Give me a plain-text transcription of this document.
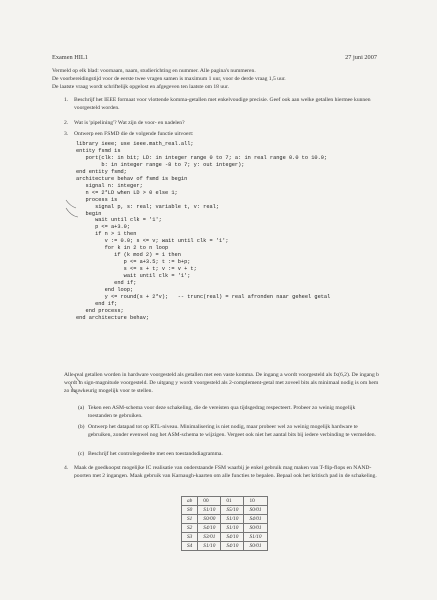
Examen HIL1	27 juni 2007
Vermeld op elk blad: voornaam, naam, studierichting en nummer. Alle pagina's nummeren.
De voorbereidingstijd voor de eerste twee vragen samen is maximum 1 uur, voor de derde vraag 1,5 uur.
De laatste vraag wordt schriftelijk opgelost en afgegeven ten laatste om 18 uur.
1. Beschrijf het IEEE formaat voor vlottende komma-getallen met enkelvoudige precisie. Geef ook aan welke getallen hiermee kunnen voorgesteld worden.
2. Wat is 'pipelining'? Wat zijn de voor- en nadelen?
3. Ontwerp een FSMD die de volgende functie uitvoert:
library ieee; use ieee.math_real.all;
entity fsmd is
port(clk: in bit; LD: in integer range 0 to 7; a: in real range 0.0 to 10.0;
b: in integer range -8 to 7; y: out integer);
end entity fsmd;
architecture behav of fsmd is begin
signal n: integer;
n <= 2*LD when LD > 0 else 1;
process is
signal p, s: real; variable t, v: real;
begin
wait until clk = '1';
p <= a+3.0;
if n > 1 then
v := 0.0; s <= v; wait until clk = '1';
for k in 2 to n loop
if (k mod 2) = 1 then
p <= a+3.5; t := b+p;
s <= s + t; v := v + t;
wait until clk = '1';
end if;
end loop;
y <= round(s + 2*v);   -- trunc(real) = real afronden naar geheel getal
end if;
end process;
end architecture behav;
Alle real getallen worden in hardware voorgesteld als getallen met een vaste komma. De ingang a wordt voorgesteld als fx(6,2). De ingang b wordt in sign-magnitude voorgesteld. De uitgang y wordt voorgesteld als 2-complement-getal met zoveel bits als minimaal nodig is om hem zo nauwkeurig mogelijk voor te stellen.
(a) Teken een ASM-schema voor deze schakeling, die de vereisten qua tijdsgedrag respecteert. Probeer zo weinig mogelijk toestanden te gebruiken.
(b) Ontwerp het datapad tot op RTL-niveau. Minimalisering is niet nodig, maar probeer wel zo weinig mogelijk hardware te gebruiken, zonder evenwel nog het ASM-schema te wijzigen. Vergeet ook niet het aantal bits bij iedere verbinding te vermelden.
(c) Beschrijf het controlegedeelte met een toestandsdiagramma.
4. Maak de goedkoopst mogelijke IC realisatie van onderstaande FSM waarbij je enkel gebruik mag maken van T-flip-flops en NAND-poorten met 2 ingangen. Maak gebruik van Karnaugh-kaarten om alle functies te bepalen. Bepaal ook het kritisch pad in de schakeling.
ab	00	01	10
S0	S1/10	S5/10	S0/01
S1	S0/00	S1/10	S4/01
S2	S4/10	S1/10	S0/01
S3	S3/01	S4/10	S1/10
S4	S1/10	S4/10	S0/01
